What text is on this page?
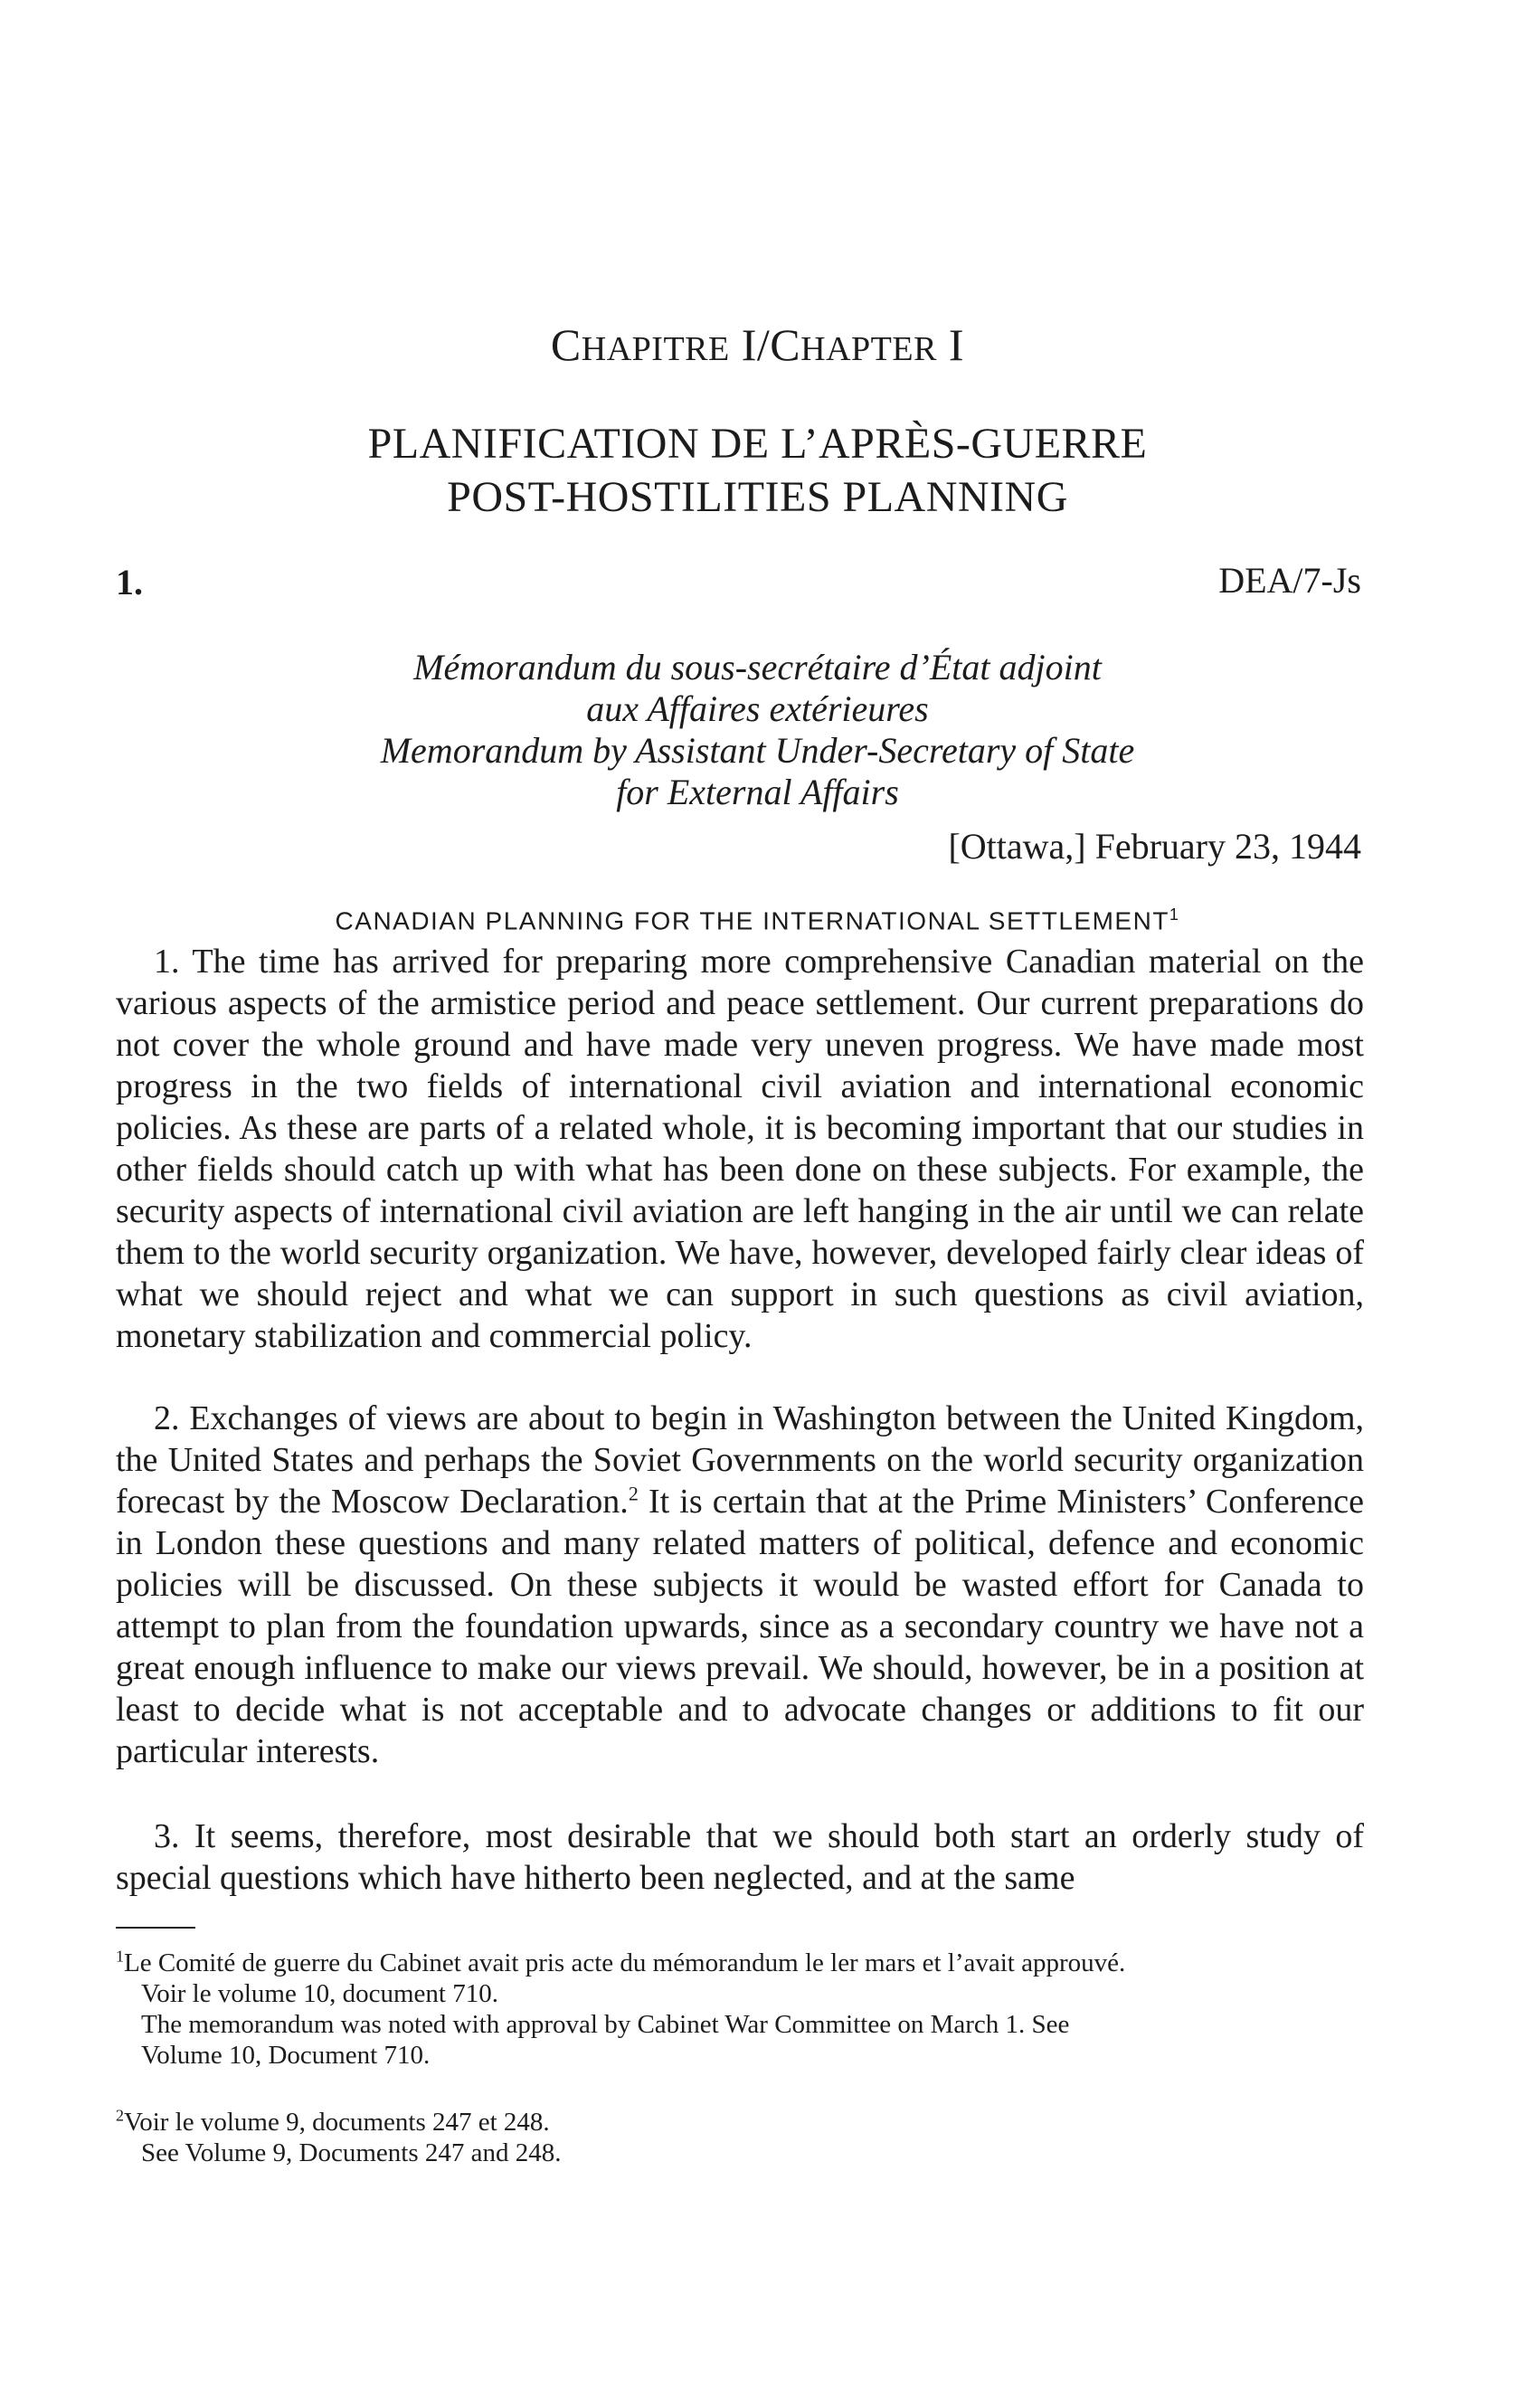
CHAPITRE I/CHAPTER I
PLANIFICATION DE L’APRÈS-GUERRE
POST-HOSTILITIES PLANNING
1.	DEA/7-Js
Mémorandum du sous-secrétaire d’État adjoint
aux Affaires extérieures
Memorandum by Assistant Under-Secretary of State
for External Affairs
[Ottawa,] February 23, 1944
CANADIAN PLANNING FOR THE INTERNATIONAL SETTLEMENT$^1$

1. The time has arrived for preparing more comprehensive Canadian material on the various aspects of the armistice period and peace settlement. Our current preparations do not cover the whole ground and have made very uneven progress. We have made most progress in the two fields of international civil aviation and international economic policies. As these are parts of a related whole, it is becoming important that our studies in other fields should catch up with what has been done on these subjects. For example, the security aspects of international civil aviation are left hanging in the air until we can relate them to the world security organization. We have, however, developed fairly clear ideas of what we should reject and what we can support in such questions as civil aviation, monetary stabilization and commercial policy.

2. Exchanges of views are about to begin in Washington between the United Kingdom, the United States and perhaps the Soviet Governments on the world security organization forecast by the Moscow Declaration.$^2$ It is certain that at the Prime Ministers’ Conference in London these questions and many related matters of political, defence and economic policies will be discussed. On these subjects it would be wasted effort for Canada to attempt to plan from the foundation upwards, since as a secondary country we have not a great enough influence to make our views prevail. We should, however, be in a position at least to decide what is not acceptable and to advocate changes or additions to fit our particular interests.

3. It seems, therefore, most desirable that we should both start an orderly study of special questions which have hitherto been neglected, and at the same

$^1$Le Comité de guerre du Cabinet avait pris acte du mémorandum le ler mars et l’avait approuvé.
Voir le volume 10, document 710.

The memorandum was noted with approval by Cabinet War Committee on March 1. See
Volume 10, Document 710.

$^2$Voir le volume 9, documents 247 et 248.
See Volume 9, Documents 247 and 248.
